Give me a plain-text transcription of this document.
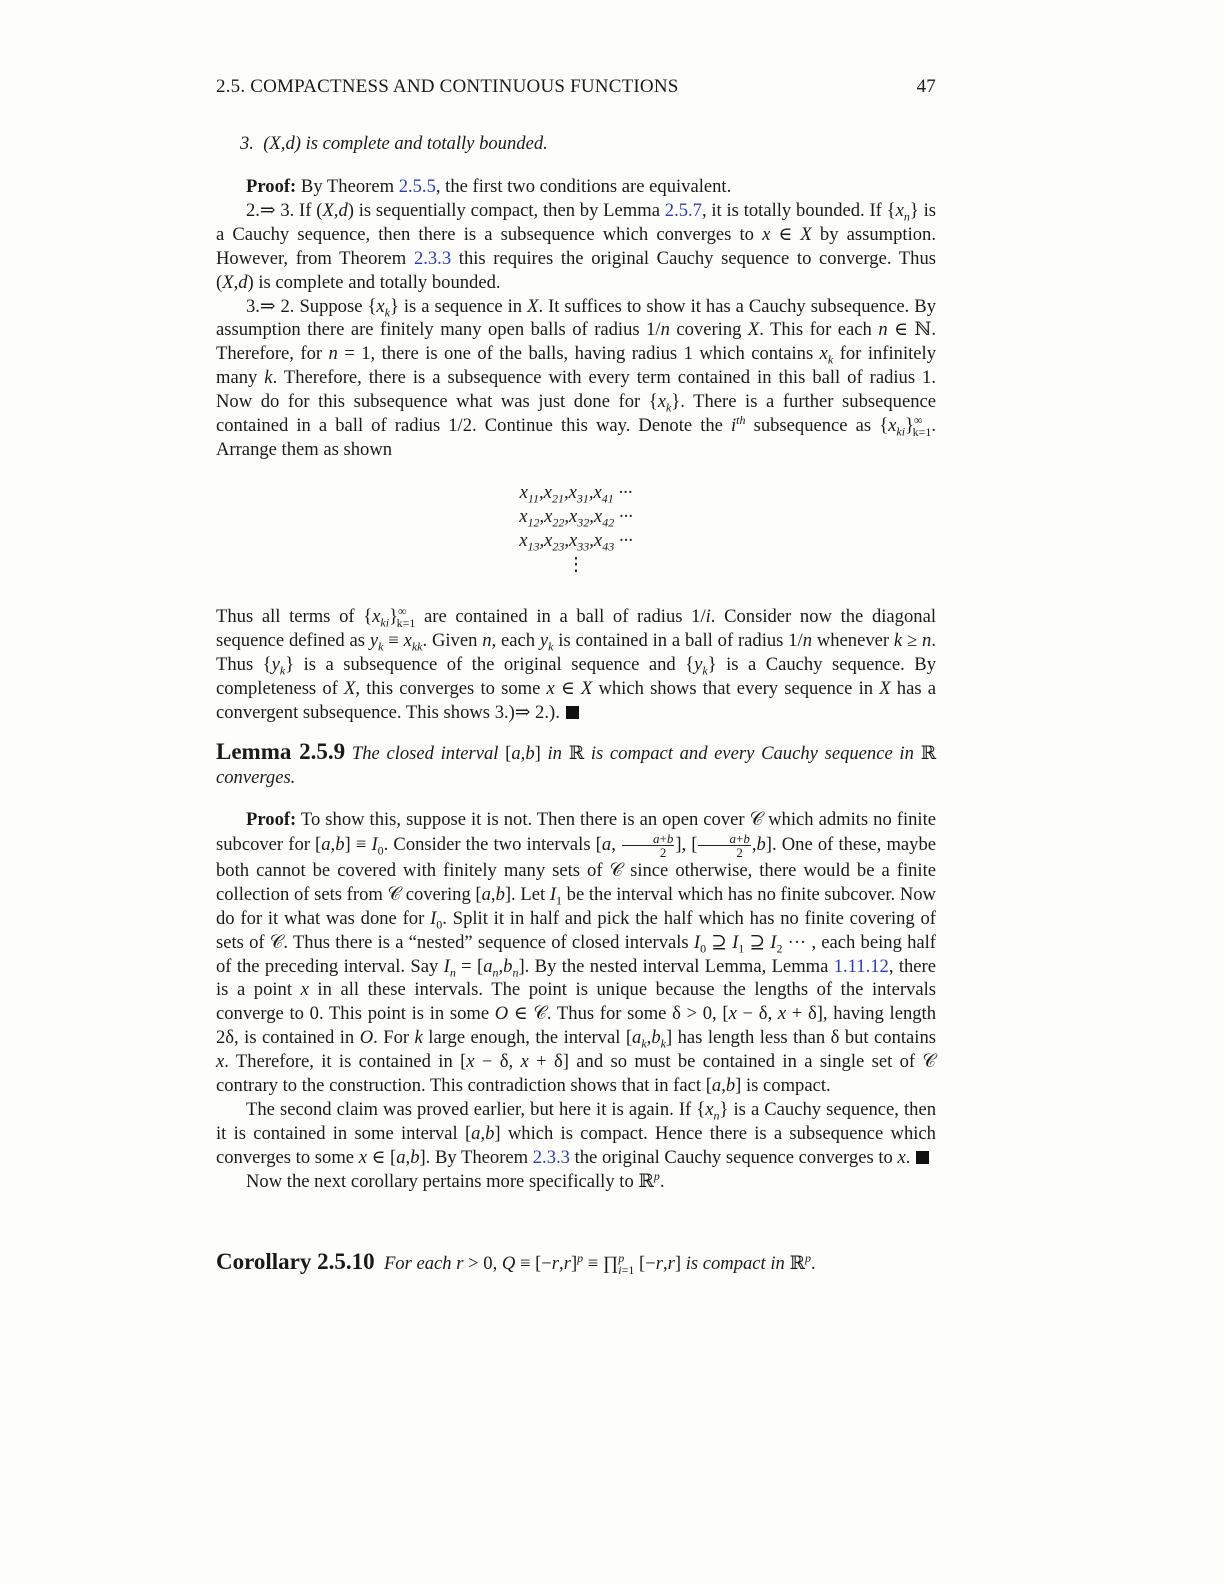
2.5. COMPACTNESS AND CONTINUOUS FUNCTIONS	47

3.  (X,d) is complete and totally bounded.

Proof: By Theorem 2.5.5, the first two conditions are equivalent.

2.⇒ 3. If (X,d) is sequentially compact, then by Lemma 2.5.7, it is totally bounded. If $\{x_n\}$ is a Cauchy sequence, then there is a subsequence which converges to x ∈ X by assumption. However, from Theorem 2.3.3 this requires the original Cauchy sequence to converge. Thus (X,d) is complete and totally bounded.

3.⇒ 2. Suppose $\{x_k\}$ is a sequence in X. It suffices to show it has a Cauchy subsequence. By assumption there are finitely many open balls of radius 1/n covering X. This for each n ∈ ℕ. Therefore, for n = 1, there is one of the balls, having radius 1 which contains $x_k$ for infinitely many k. Therefore, there is a subsequence with every term contained in this ball of radius 1. Now do for this subsequence what was just done for $\{x_k\}$. There is a further subsequence contained in a ball of radius 1/2. Continue this way. Denote the $i^{th}$ subsequence as $\{x_{ki}\}^\infty_{k=1}$. Arrange them as shown

$x_{11},x_{21},x_{31},x_{41}$ ···
$x_{12},x_{22},x_{32},x_{42}$ ···
$x_{13},x_{23},x_{33},x_{43}$ ···
⋮

Thus all terms of $\{x_{ki}\}^\infty_{k=1}$ are contained in a ball of radius 1/i. Consider now the diagonal sequence defined as $y_k \equiv x_{kk}$. Given n, each $y_k$ is contained in a ball of radius 1/n whenever k ≥ n. Thus $\{y_k\}$ is a subsequence of the original sequence and $\{y_k\}$ is a Cauchy sequence. By completeness of X, this converges to some x ∈ X which shows that every sequence in X has a convergent subsequence. This shows 3.)⇒ 2.).

Lemma 2.5.9 The closed interval [a,b] in ℝ is compact and every Cauchy sequence in ℝ converges.

Proof: To show this, suppose it is not. Then there is an open cover 𝒞 which admits no finite subcover for $[a,b] \equiv I_0$. Consider the two intervals [a, $\frac{a+b}{2}$ ], [ $\frac{a+b}{2} ,b$]. One of these, maybe both cannot be covered with finitely many sets of 𝒞 since otherwise, there would be a finite collection of sets from 𝒞 covering [a,b]. Let $I_1$ be the interval which has no finite subcover. Now do for it what was done for $I_0$. Split it in half and pick the half which has no finite covering of sets of 𝒞. Thus there is a “nested” sequence of closed intervals $I_0$ ⊇ $I_1$ ⊇ $I_2$ ··· , each being half of the preceding interval. Say $I_n = [a_n,b_n]$. By the nested interval Lemma, Lemma 1.11.12, there is a point x in all these intervals. The point is unique because the lengths of the intervals converge to 0. This point is in some O ∈ 𝒞. Thus for some δ > 0, [x − δ, x + δ], having length 2δ, is contained in O. For k large enough, the interval $[a_k,b_k]$ has length less than δ but contains x. Therefore, it is contained in [x − δ, x + δ] and so must be contained in a single set of 𝒞 contrary to the construction. This contradiction shows that in fact [a,b] is compact.

The second claim was proved earlier, but here it is again. If $\{x_n\}$ is a Cauchy sequence, then it is contained in some interval [a,b] which is compact. Hence there is a subsequence which converges to some x ∈ [a,b]. By Theorem 2.3.3 the original Cauchy sequence converges to x.

Now the next corollary pertains more specifically to ℝ$^p$.

Corollary 2.5.10 For each r > 0, $Q \equiv [-r,r]^p$ ≡ ∏$^p_{i=1}$ [−r,r] is compact in ℝ$^p$.
